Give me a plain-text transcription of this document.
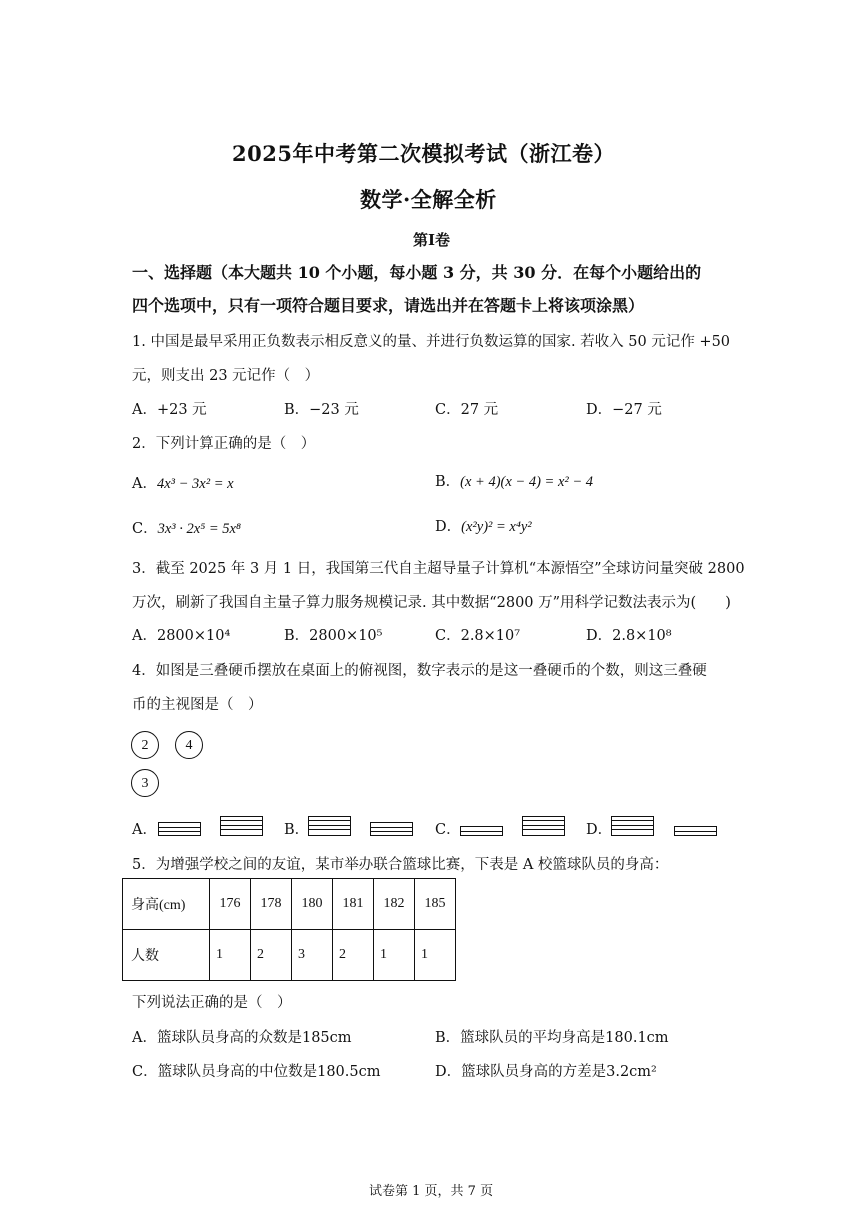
2025年中考第二次模拟考试（浙江卷）
数学·全解全析
第Ⅰ卷
一、选择题（本大题共 10 个小题，每小题 3 分，共 30 分．在每个小题给出的
四个选项中，只有一项符合题目要求，请选出并在答题卡上将该项涂黑）
1. 中国是最早采用正负数表示相反意义的量、并进行负数运算的国家. 若收入 50 元记作 +50
元，则支出 23 元记作（　）
A．+23 元	B．−23 元	C．27 元	D．−27 元
2．下列计算正确的是（　）
A．4x³ − 3x² = x	B．(x + 4)(x − 4) = x² − 4
C．3x³ · 2x⁵ = 5x⁸	D．(x²y)² = x⁴y²
3．截至 2025 年 3 月 1 日，我国第三代自主超导量子计算机“本源悟空”全球访问量突破 2800
万次，刷新了我国自主量子算力服务规模记录. 其中数据“2800 万”用科学记数法表示为(　　)
A．2800×10⁴	B．2800×10⁵	C．2.8×10⁷	D．2.8×10⁸
4．如图是三叠硬币摆放在桌面上的俯视图，数字表示的是这一叠硬币的个数，则这三叠硬
币的主视图是（　）
2	4
3
A．	B．	C．	D．
5．为增强学校之间的友谊，某市举办联合篮球比赛，下表是 A 校篮球队员的身高：
身高(cm)	176	178	180	181	182	185
人数	1	2	3	2	1	1
下列说法正确的是（　）
A．篮球队员身高的众数是185cm	B．篮球队员的平均身高是180.1cm
C．篮球队员身高的中位数是180.5cm	D．篮球队员身高的方差是3.2cm²
试卷第 1 页，共 7 页
